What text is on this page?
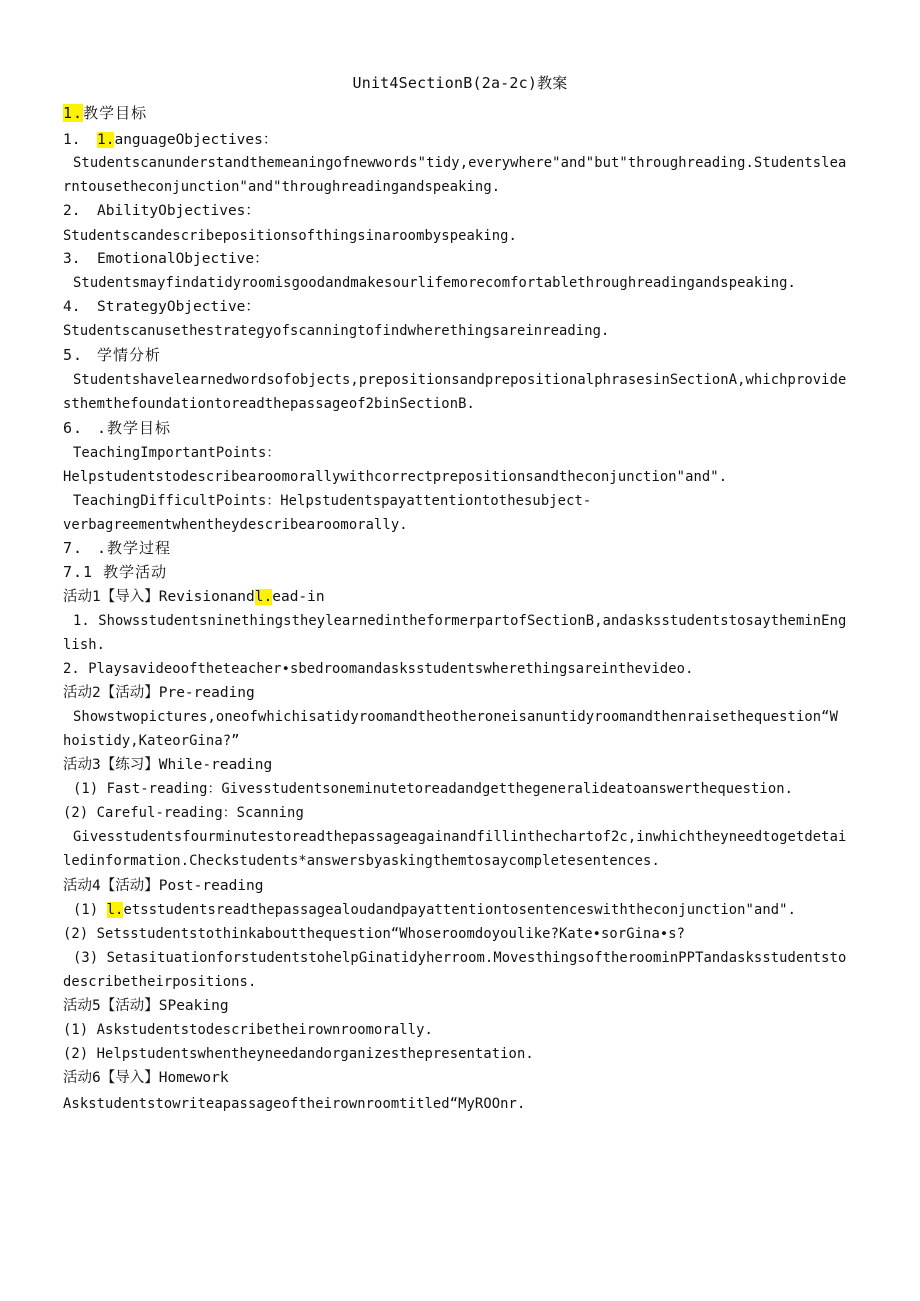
Unit4SectionB(2a-2c)教案
1.教学目标
1. 1.anguageObjectives：
Studentscanunderstandthemeaningofnewwords"tidy,everywhere"and"but"throughreading.Studentslea
rntousetheconjunction"and"throughreadingandspeaking.
2. AbilityObjectives：
Studentscandescribepositionsofthingsinaroombyspeaking.
3. EmotionalObjective：
Studentsmayfindatidyroomisgoodandmakesourlifemorecomfortablethroughreadingandspeaking.
4. StrategyObjective：
Studentscanusethestrategyofscanningtofindwherethingsareinreading.
5. 学情分析
Studentshavelearnedwordsofobjects,prepositionsandprepositionalphrasesinSectionA,whichprovide
sthemthefoundationtoreadthepassageof2binSectionB.
6. .教学目标
TeachingImportantPoints：
Helpstudentstodescribearoomorallywithcorrectprepositionsandtheconjunction"and".
TeachingDifficultPoints：Helpstudentspayattentiontothesubject-
verbagreementwhentheydescribearoomorally.
7. .教学过程
7.1 教学活动
活动1【导入】Revisionandl.ead-in
1. ShowsstudentsninethingstheylearnedintheformerpartofSectionB,andasksstudentstosaytheminEng
lish.
2. Playsavideooftheteacher∙sbedroomandasksstudentswherethingsareinthevideo.
活动2【活动】Pre-reading
Showstwopictures,oneofwhichisatidyroomandtheotheroneisanuntidyroomandthenraisethequestion“W
hoistidy,KateorGina?”
活动3【练习】While-reading
(1) Fast-reading：Givesstudentsoneminutetoreadandgetthegeneralideatoanswerthequestion.
(2) Careful-reading：Scanning
Givesstudentsfourminutestoreadthepassageagainandfillinthechartof2c,inwhichtheyneedtogetdetai
ledinformation.Checkstudents*answersbyaskingthemtosaycompletesentences.
活动4【活动】Post-reading
(1) l.etsstudentsreadthepassagealoudandpayattentiontosentenceswiththeconjunction"and".
(2) Setsstudentstothinkaboutthequestion“Whoseroomdoyoulike?Kate∙sorGina∙s?
(3) SetasituationforstudentstohelpGinatidyherroom.MovesthingsoftheroominPPTandasksstudentsto
describetheirpositions.
活动5【活动】SPeaking
(1) Askstudentstodescribetheirownroomorally.
(2) Helpstudentswhentheyneedandorganizesthepresentation.
活动6【导入】Homework
Askstudentstowriteapassageoftheirownroomtitled“MyROOnr.
